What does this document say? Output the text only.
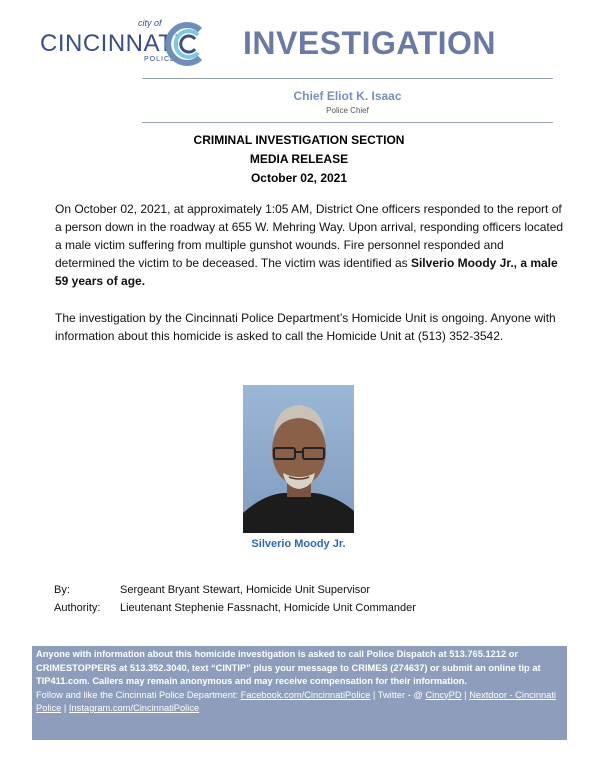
city of
CINCINNATI
POLICE INVESTIGATION
Chief Eliot K. Isaac
Police Chief
CRIMINAL INVESTIGATION SECTION
MEDIA RELEASE
October 02, 2021

On October 02, 2021, at approximately 1:05 AM, District One officers responded to the report of a person down in the roadway at 655 W. Mehring Way. Upon arrival, responding officers located a male victim suffering from multiple gunshot wounds. Fire personnel responded and determined the victim to be deceased. The victim was identified as Silverio Moody Jr., a male 59 years of age.

The investigation by the Cincinnati Police Department’s Homicide Unit is ongoing. Anyone with information about this homicide is asked to call the Homicide Unit at (513) 352-3542.

Silverio Moody Jr.
By:	Sergeant Bryant Stewart, Homicide Unit Supervisor
Authority: Lieutenant Stephenie Fassnacht, Homicide Unit Commander
Anyone with information about this homicide investigation is asked to call Police Dispatch at 513.765.1212 or CRIMESTOPPERS at 513.352.3040, text “CINTIP” plus your message to CRIMES (274637) or submit an online tip at TIP411.com. Callers may remain anonymous and may receive compensation for their information.
Follow and like the Cincinnati Police Department: Facebook.com/CincinnatiPolice | Twitter - @ CincyPD | Nextdoor - Cincinnati Police | Instagram.com/CincinnatiPolice
